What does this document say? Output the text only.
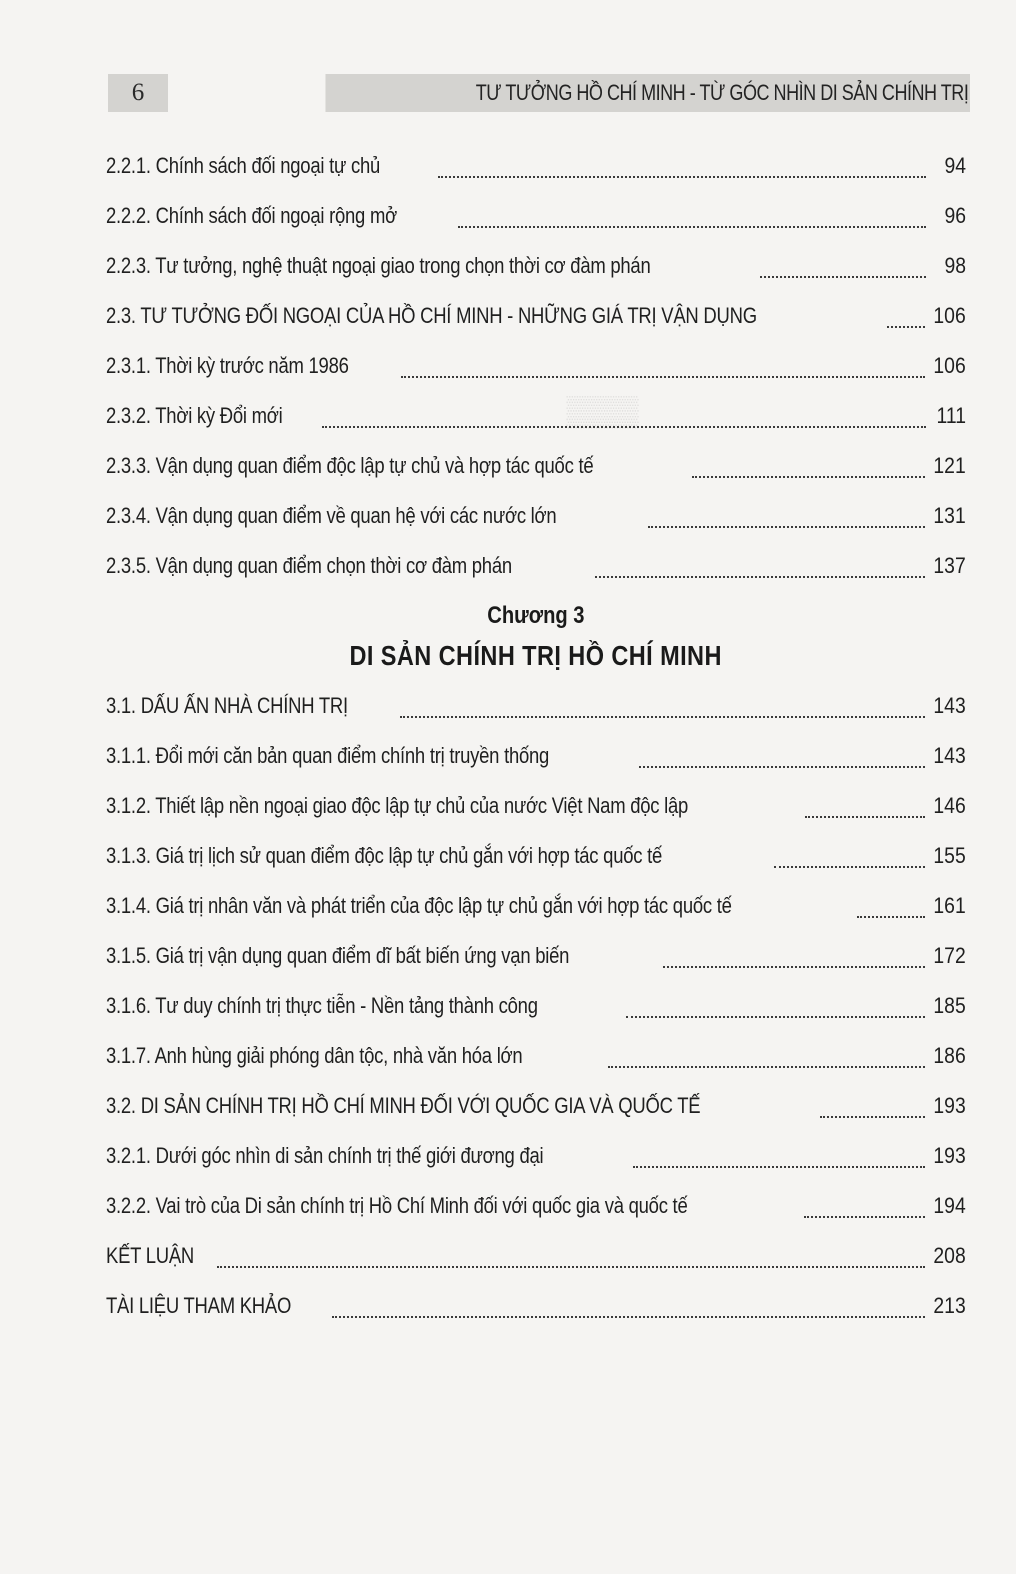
▒▒▒▒
6	TƯ TƯỞNG HỒ CHÍ MINH - TỪ GÓC NHÌN DI SẢN CHÍNH TRỊ
2.2.1. Chính sách đối ngoại tự chủ	94
2.2.2. Chính sách đối ngoại rộng mở	96
2.2.3. Tư tưởng, nghệ thuật ngoại giao trong chọn thời cơ đàm phán	98
2.3. TƯ TƯỞNG ĐỐI NGOẠI CỦA HỒ CHÍ MINH - NHỮNG GIÁ TRỊ VẬN DỤNG	106
2.3.1. Thời kỳ trước năm 1986	106
2.3.2. Thời kỳ Đổi mới	111
2.3.3. Vận dụng quan điểm độc lập tự chủ và hợp tác quốc tế	121
2.3.4. Vận dụng quan điểm về quan hệ với các nước lớn	131
2.3.5. Vận dụng quan điểm chọn thời cơ đàm phán	137
Chương 3
DI SẢN CHÍNH TRỊ HỒ CHÍ MINH
3.1. DẤU ẤN NHÀ CHÍNH TRỊ	143
3.1.1. Đổi mới căn bản quan điểm chính trị truyền thống	143
3.1.2. Thiết lập nền ngoại giao độc lập tự chủ của nước Việt Nam độc lập	146
3.1.3. Giá trị lịch sử quan điểm độc lập tự chủ gắn với hợp tác quốc tế	155
3.1.4. Giá trị nhân văn và phát triển của độc lập tự chủ gắn với hợp tác quốc tế	161
3.1.5. Giá trị vận dụng quan điểm dĩ bất biến ứng vạn biến	172
3.1.6. Tư duy chính trị thực tiễn - Nền tảng thành công	185
3.1.7. Anh hùng giải phóng dân tộc, nhà văn hóa lớn	186
3.2. DI SẢN CHÍNH TRỊ HỒ CHÍ MINH ĐỐI VỚI QUỐC GIA VÀ QUỐC TẾ	193
3.2.1. Dưới góc nhìn di sản chính trị thế giới đương đại	193
3.2.2. Vai trò của Di sản chính trị Hồ Chí Minh đối với quốc gia và quốc tế	194
KẾT LUẬN	208
TÀI LIỆU THAM KHẢO	213
